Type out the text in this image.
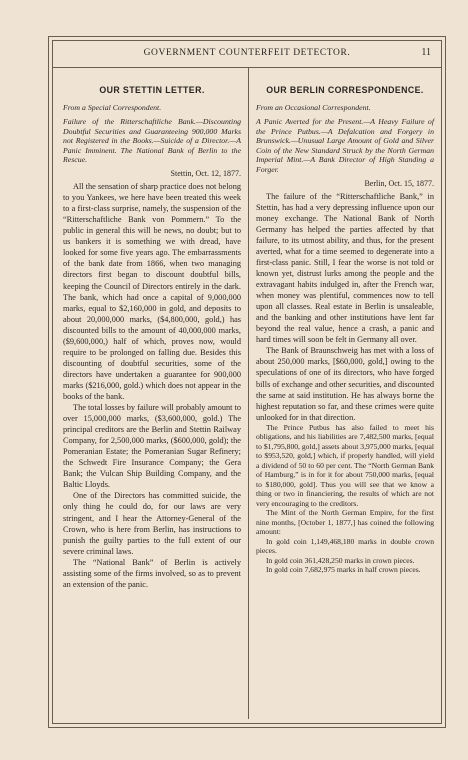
GOVERNMENT COUNTERFEIT DETECTOR.	11
OUR STETTIN LETTER.
From a Special Correspondent.
Failure of the Ritterschaftliche Bank.—Discounting Doubtful Securities and Guaranteeing 900,000 Marks not Registered in the Books.—Suicide of a Director.—A Panic Imminent. The National Bank of Berlin to the Rescue.
Stettin, Oct. 12, 1877.

All the sensation of sharp practice does not belong to you Yankees, we here have been treated this week to a first-class surprise, namely, the suspension of the “Ritterschaftliche Bank von Pommern.” To the public in general this will be news, no doubt; but to us bankers it is something we with dread, have looked for some five years ago. The embarrassments of the bank date from 1866, when two managing directors first began to discount doubtful bills, keeping the Council of Directors entirely in the dark. The bank, which had once a capital of 9,000,000 marks, equal to $2,160,000 in gold, and deposits to about 20,000,000 marks, ($4,800,000, gold,) has discounted bills to the amount of 40,000,000 marks, ($9,600,000,) half of which, proves now, would require to be prolonged on falling due. Besides this discounting of doubtful securities, some of the directors have undertaken a guarantee for 900,000 marks ($216,000, gold.) which does not appear in the books of the bank.

The total losses by failure will probably amount to over 15,000,000 marks, ($3,600,000, gold.) The principal creditors are the Berlin and Stettin Railway Company, for 2,500,000 marks, ($600,000, gold); the Pomeranian Estate; the Pomeranian Sugar Refinery; the Schwedt Fire Insurance Company; the Gera Bank; the Vulcan Ship Building Company, and the Baltic Lloyds.

One of the Directors has committed suicide, the only thing he could do, for our laws are very stringent, and I hear the Attorney-General of the Crown, who is here from Berlin, has instructions to punish the guilty parties to the full extent of our severe criminal laws.

The “National Bank” of Berlin is actively assisting some of the firms involved, so as to prevent an extension of the panic.

OUR BERLIN CORRESPONDENCE.
From an Occasional Correspondent.
A Panic Averted for the Present.—A Heavy Failure of the Prince Putbus.—A Defalcation and Forgery in Brunswick.—Unusual Large Amount of Gold and Silver Coin of the New Standard Struck by the North German Imperial Mint.—A Bank Director of High Standing a Forger.
Berlin, Oct. 15, 1877.

The failure of the “Ritterschaftliche Bank,” in Stettin, has had a very depressing influence upon our money exchange. The National Bank of North Germany has helped the parties affected by that failure, to its utmost ability, and thus, for the present averted, what for a time seemed to degenerate into a first-class panic. Still, I fear the worse is not told or known yet, distrust lurks among the people and the extravagant habits indulged in, after the French war, when money was plentiful, commences now to tell upon all classes. Real estate in Berlin is unsaleable, and the banking and other institutions have lent far beyond the real value, hence a crash, a panic and hard times will soon be felt in Germany all over.

The Bank of Braunschweig has met with a loss of about 250,000 marks, [$60,000, gold,] owing to the speculations of one of its directors, who have forged bills of exchange and other securities, and discounted the same at said institution. He has always borne the highest reputation so far, and these crimes were quite unlooked for in that direction.

The Prince Putbus has also failed to meet his obligations, and his liabilities are 7,482,500 marks, [equal to $1,795,800, gold,] assets about 3,975,000 marks, [equal to $953,520, gold,] which, if properly handled, will yield a dividend of 50 to 60 per cent. The “North German Bank of Hamburg,” is in for it for about 750,000 marks, [equal to $180,000, gold]. Thus you will see that we know a thing or two in financiering, the results of which are not very encouraging to the creditors.

The Mint of the North German Empire, for the first nine months, [October 1, 1877,] has coined the following amount:

In gold coin 1,149,468,180 marks in double crown pieces.

In gold coin 361,428,250 marks in crown pieces.

In gold coin 7,682,975 marks in half crown pieces.
